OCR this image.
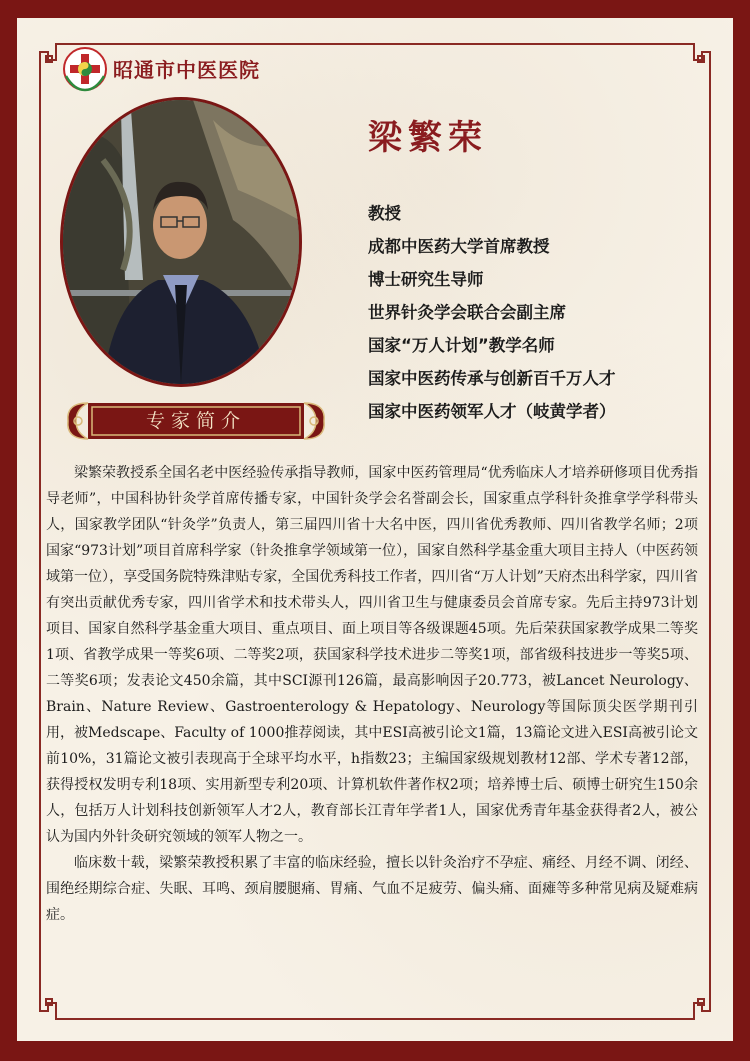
昭通市中医医院
梁繁荣
教授
成都中医药大学首席教授
博士研究生导师
世界针灸学会联合会副主席
国家“万人计划”教学名师
国家中医药传承与创新百千万人才
国家中医药领军人才（岐黄学者）
专家简介

梁繁荣教授系全国名老中医经验传承指导教师，国家中医药管理局“优秀临床人才培养研修项目优秀指导老师”，中国科协针灸学首席传播专家，中国针灸学会名誉副会长，国家重点学科针灸推拿学学科带头人，国家教学团队“针灸学”负责人，第三届四川省十大名中医，四川省优秀教师、四川省教学名师；2项国家“973计划”项目首席科学家（针灸推拿学领域第一位），国家自然科学基金重大项目主持人（中医药领域第一位），享受国务院特殊津贴专家，全国优秀科技工作者，四川省“万人计划”天府杰出科学家，四川省有突出贡献优秀专家，四川省学术和技术带头人，四川省卫生与健康委员会首席专家。先后主持973计划项目、国家自然科学基金重大项目、重点项目、面上项目等各级课题45项。先后荣获国家教学成果二等奖1项、省教学成果一等奖6项、二等奖2项，获国家科学技术进步二等奖1项，部省级科技进步一等奖5项、二等奖6项；发表论文450余篇，其中SCI源刊126篇，最高影响因子20.773，被Lancet Neurology、Brain、Nature Review、Gastroenterology & Hepatology、Neurology等国际顶尖医学期刊引用，被Medscape、Faculty of 1000推荐阅读，其中ESI高被引论文1篇，13篇论文进入ESI高被引论文前10%，31篇论文被引表现高于全球平均水平，h指数23；主编国家级规划教材12部、学术专著12部，获得授权发明专利18项、实用新型专利20项、计算机软件著作权2项；培养博士后、硕博士研究生150余人，包括万人计划科技创新领军人才2人，教育部长江青年学者1人，国家优秀青年基金获得者2人，被公认为国内外针灸研究领域的领军人物之一。

临床数十载，梁繁荣教授积累了丰富的临床经验，擅长以针灸治疗不孕症、痛经、月经不调、闭经、围绝经期综合症、失眠、耳鸣、颈肩腰腿痛、胃痛、气血不足疲劳、偏头痛、面瘫等多种常见病及疑难病症。
